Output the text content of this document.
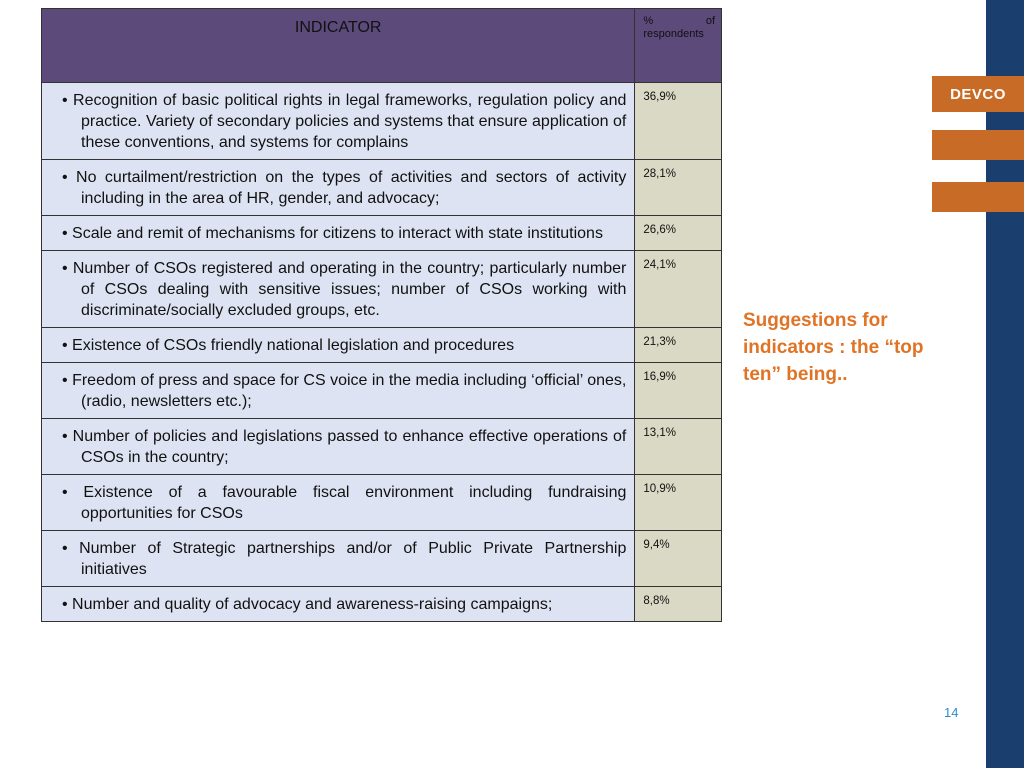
DEVCO
INDICATOR	% of respondents

• Recognition of basic political rights in legal frameworks, regulation policy and practice. Variety of secondary policies and systems that ensure application of these conventions, and systems for complains	36,9%

• No curtailment/restriction on the types of activities and sectors of activity including in the area of HR, gender, and advocacy;	28,1%

• Scale and remit of mechanisms for citizens to interact with state institutions	26,6%

• Number of CSOs registered and operating in the country; particularly number of CSOs dealing with sensitive issues; number of CSOs working with discriminate/socially excluded groups, etc.	24,1%

• Existence of CSOs friendly national legislation and procedures	21,3%

• Freedom of press and space for CS voice in the media including ‘official’ ones, (radio, newsletters etc.);	16,9%

• Number of policies and legislations passed to enhance effective operations of CSOs in the country;	13,1%

• Existence of a favourable fiscal environment including fundraising opportunities for CSOs	10,9%

• Number of Strategic partnerships and/or of Public Private Partnership initiatives	9,4%

• Number and quality of advocacy and awareness-raising campaigns;	8,8%
Suggestions for indicators : the “top ten” being..
14
